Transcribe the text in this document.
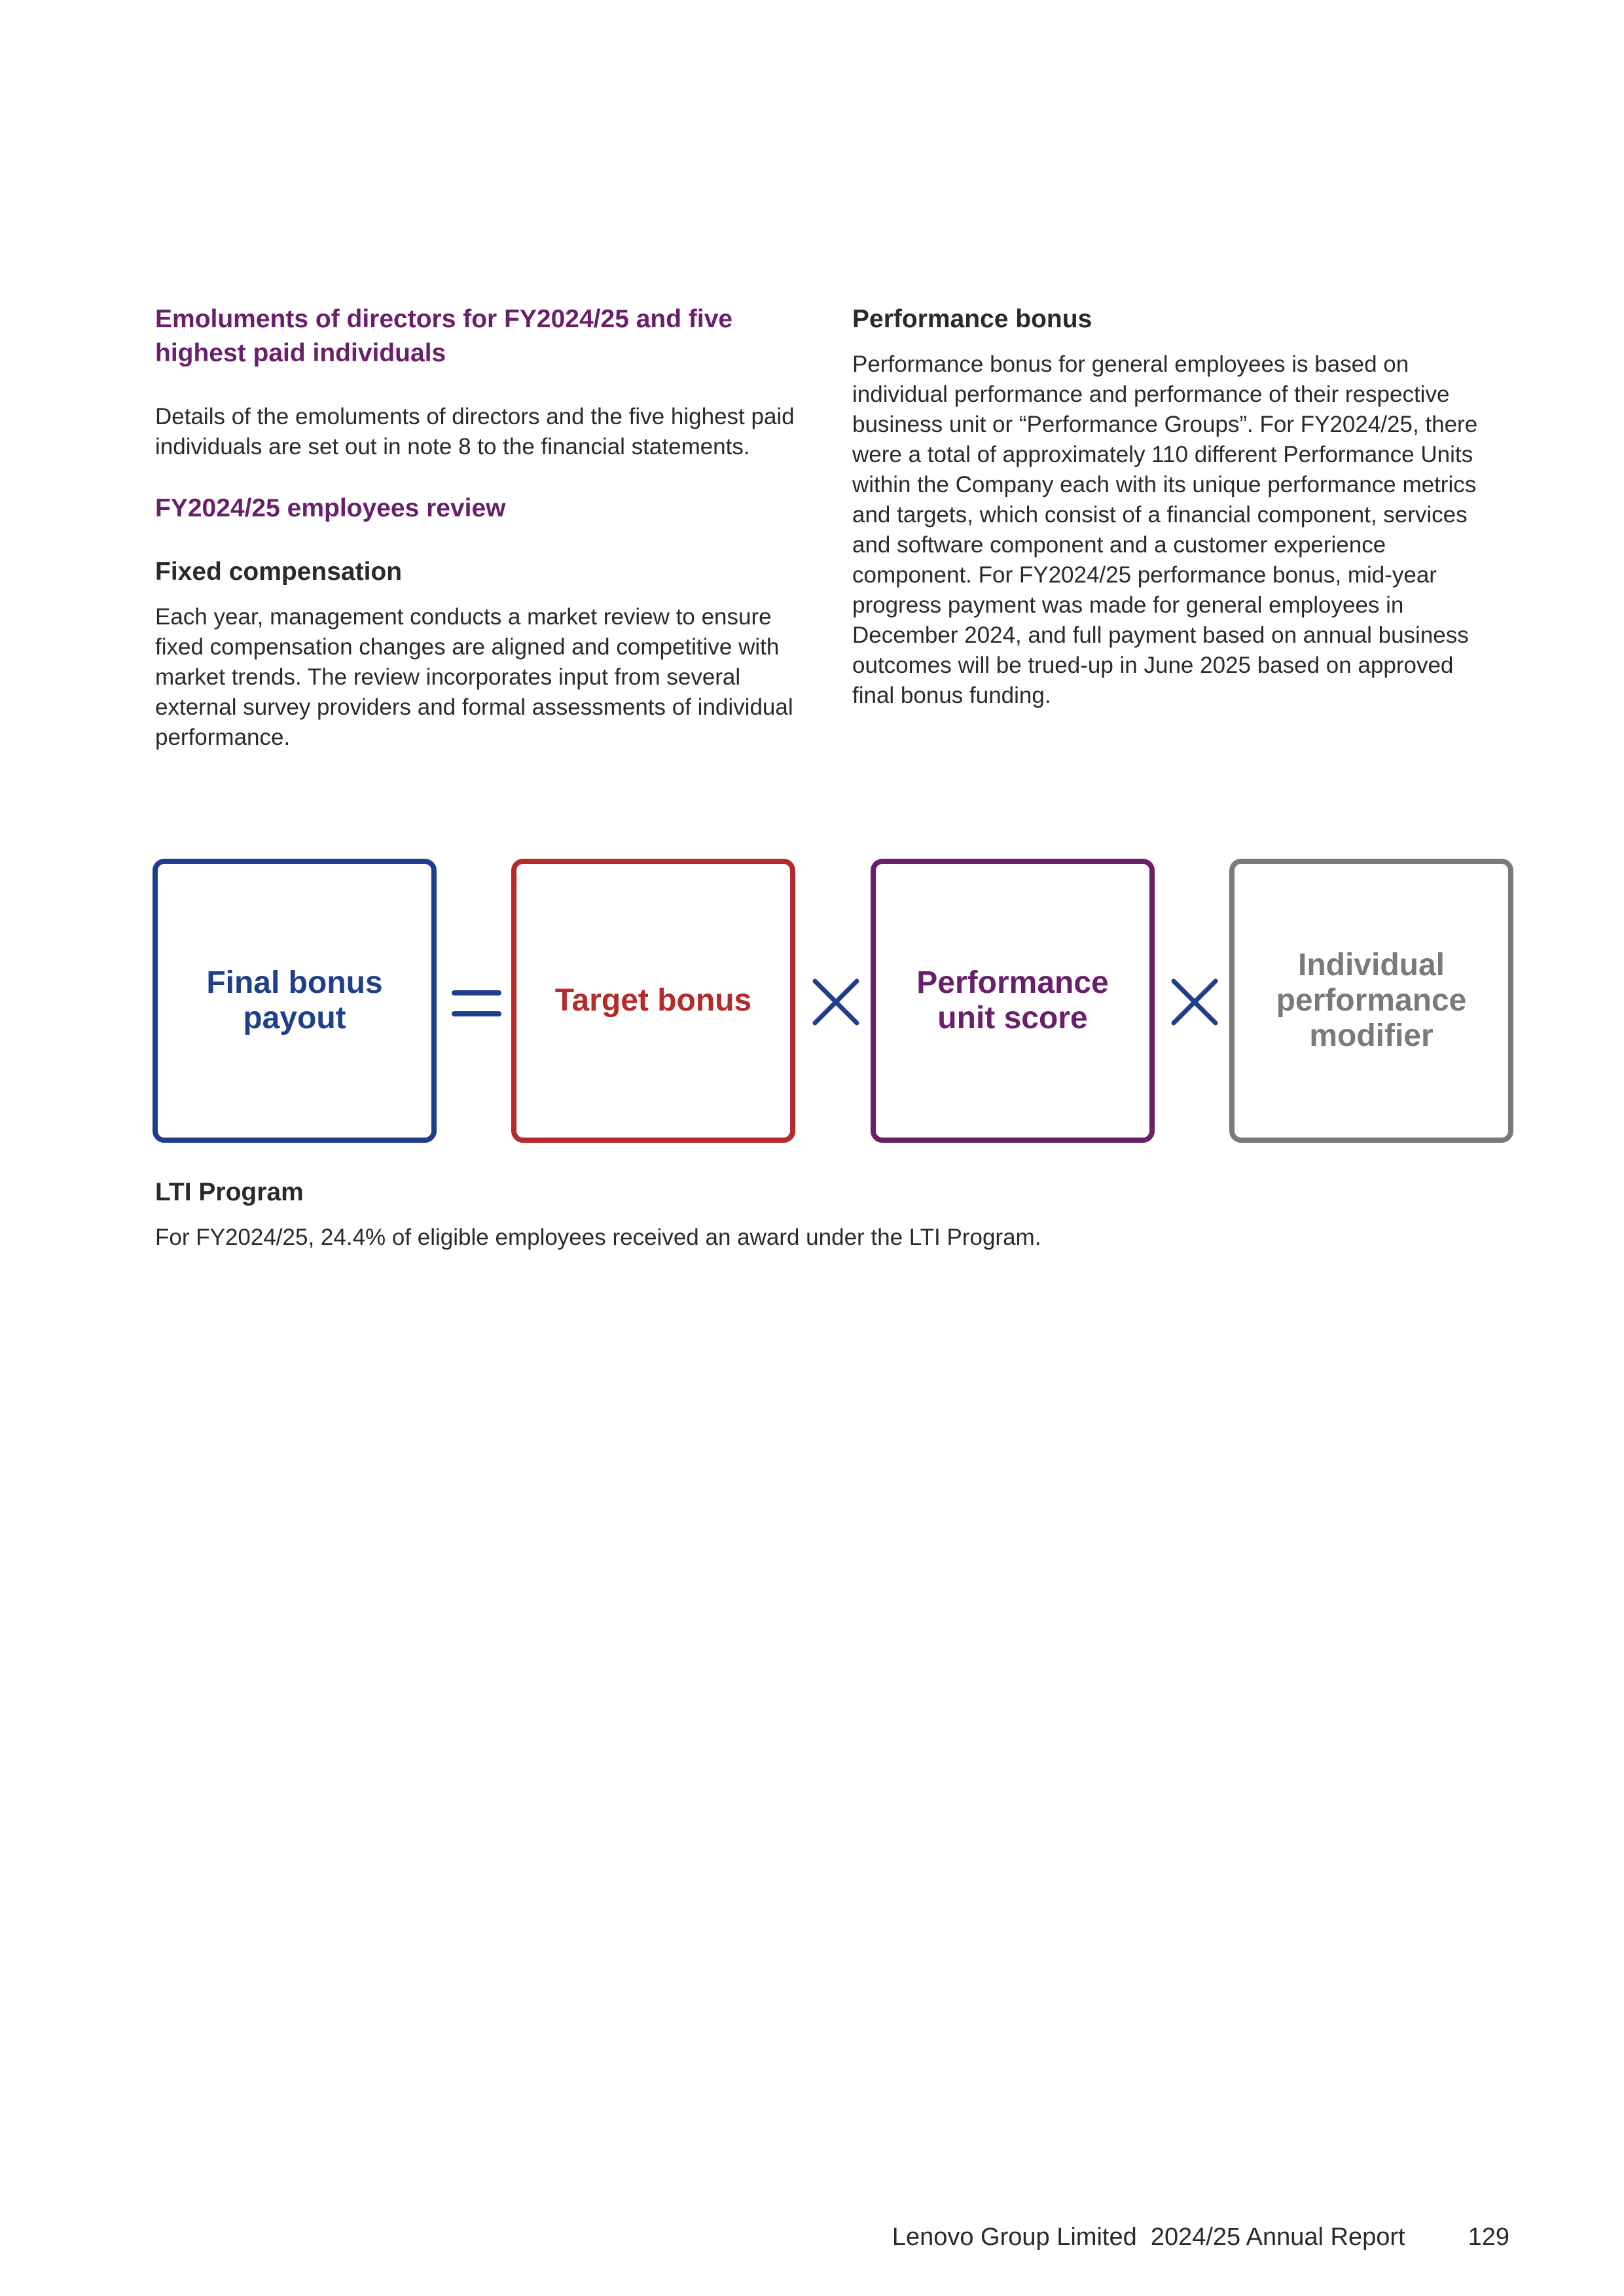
Emoluments of directors for FY2024/25 and five highest paid individuals

Details of the emoluments of directors and the five highest paid individuals are set out in note 8 to the financial statements.

FY2024/25 employees review
Fixed compensation

Each year, management conducts a market review to ensure fixed compensation changes are aligned and competitive with market trends. The review incorporates input from several external survey providers and formal assessments of individual performance.

Performance bonus

Performance bonus for general employees is based on individual performance and performance of their respective business unit or “Performance Groups”. For FY2024/25, there were a total of approximately 110 different Performance Units within the Company each with its unique performance metrics and targets, which consist of a financial component, services and software component and a customer experience component. For FY2024/25 performance bonus, mid-year progress payment was made for general employees in December 2024, and full payment based on annual business outcomes will be trued-up in June 2025 based on approved final bonus funding.

Final bonus payout
Target bonus
Performance unit score
Individual performance modifier
LTI Program

For FY2024/25, 24.4% of eligible employees received an award under the LTI Program.

Lenovo Group Limited  2024/25 Annual Report	129
